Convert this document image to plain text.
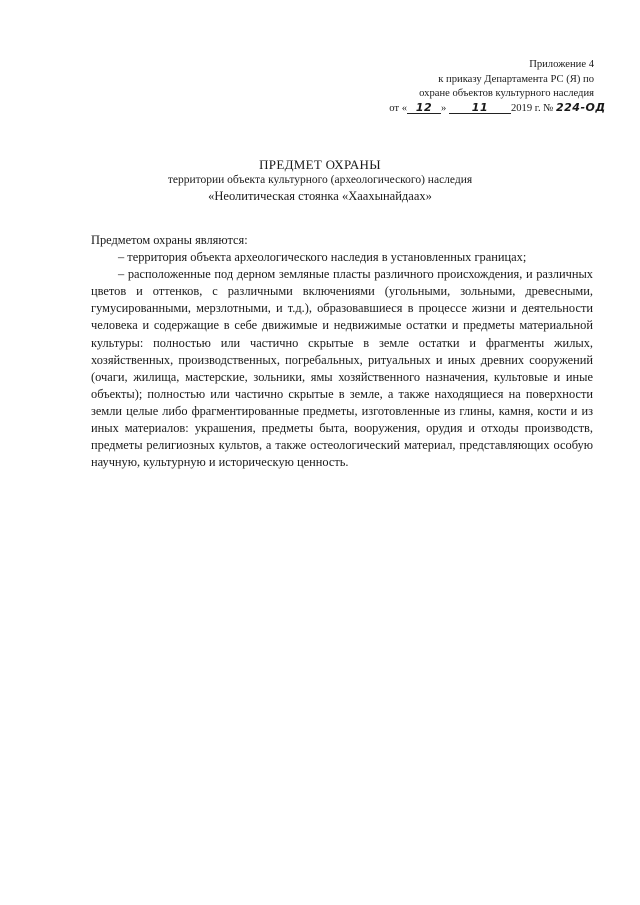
Приложение 4
к приказу Департамента РС (Я) по
охране объектов культурного наследия
от « 12 » 11 2019 г. № 224-ОД
ПРЕДМЕТ ОХРАНЫ
территории объекта культурного (археологического) наследия
«Неолитическая стоянка «Хаахынайдаах»

Предметом охраны являются:

– территория объекта археологического наследия в установленных границах;

– расположенные под дерном земляные пласты различного происхождения, и различных цветов и оттенков, с различными включениями (угольными, зольными, древесными, гумусированными, мерзлотными, и т.д.), образовавшиеся в процессе жизни и деятельности человека и содержащие в себе движимые и недвижимые остатки и предметы материальной культуры: полностью или частично скрытые в земле остатки и фрагменты жилых, хозяйственных, производственных, погребальных, ритуальных и иных древних сооружений (очаги, жилища, мастерские, зольники, ямы хозяйственного назначения, культовые и иные объекты); полностью или частично скрытые в земле, а также находящиеся на поверхности земли целые либо фрагментированные предметы, изготовленные из глины, камня, кости и из иных материалов: украшения, предметы быта, вооружения, орудия и отходы производств, предметы религиозных культов, а также остеологический материал, представляющих особую научную, культурную и историческую ценность.
